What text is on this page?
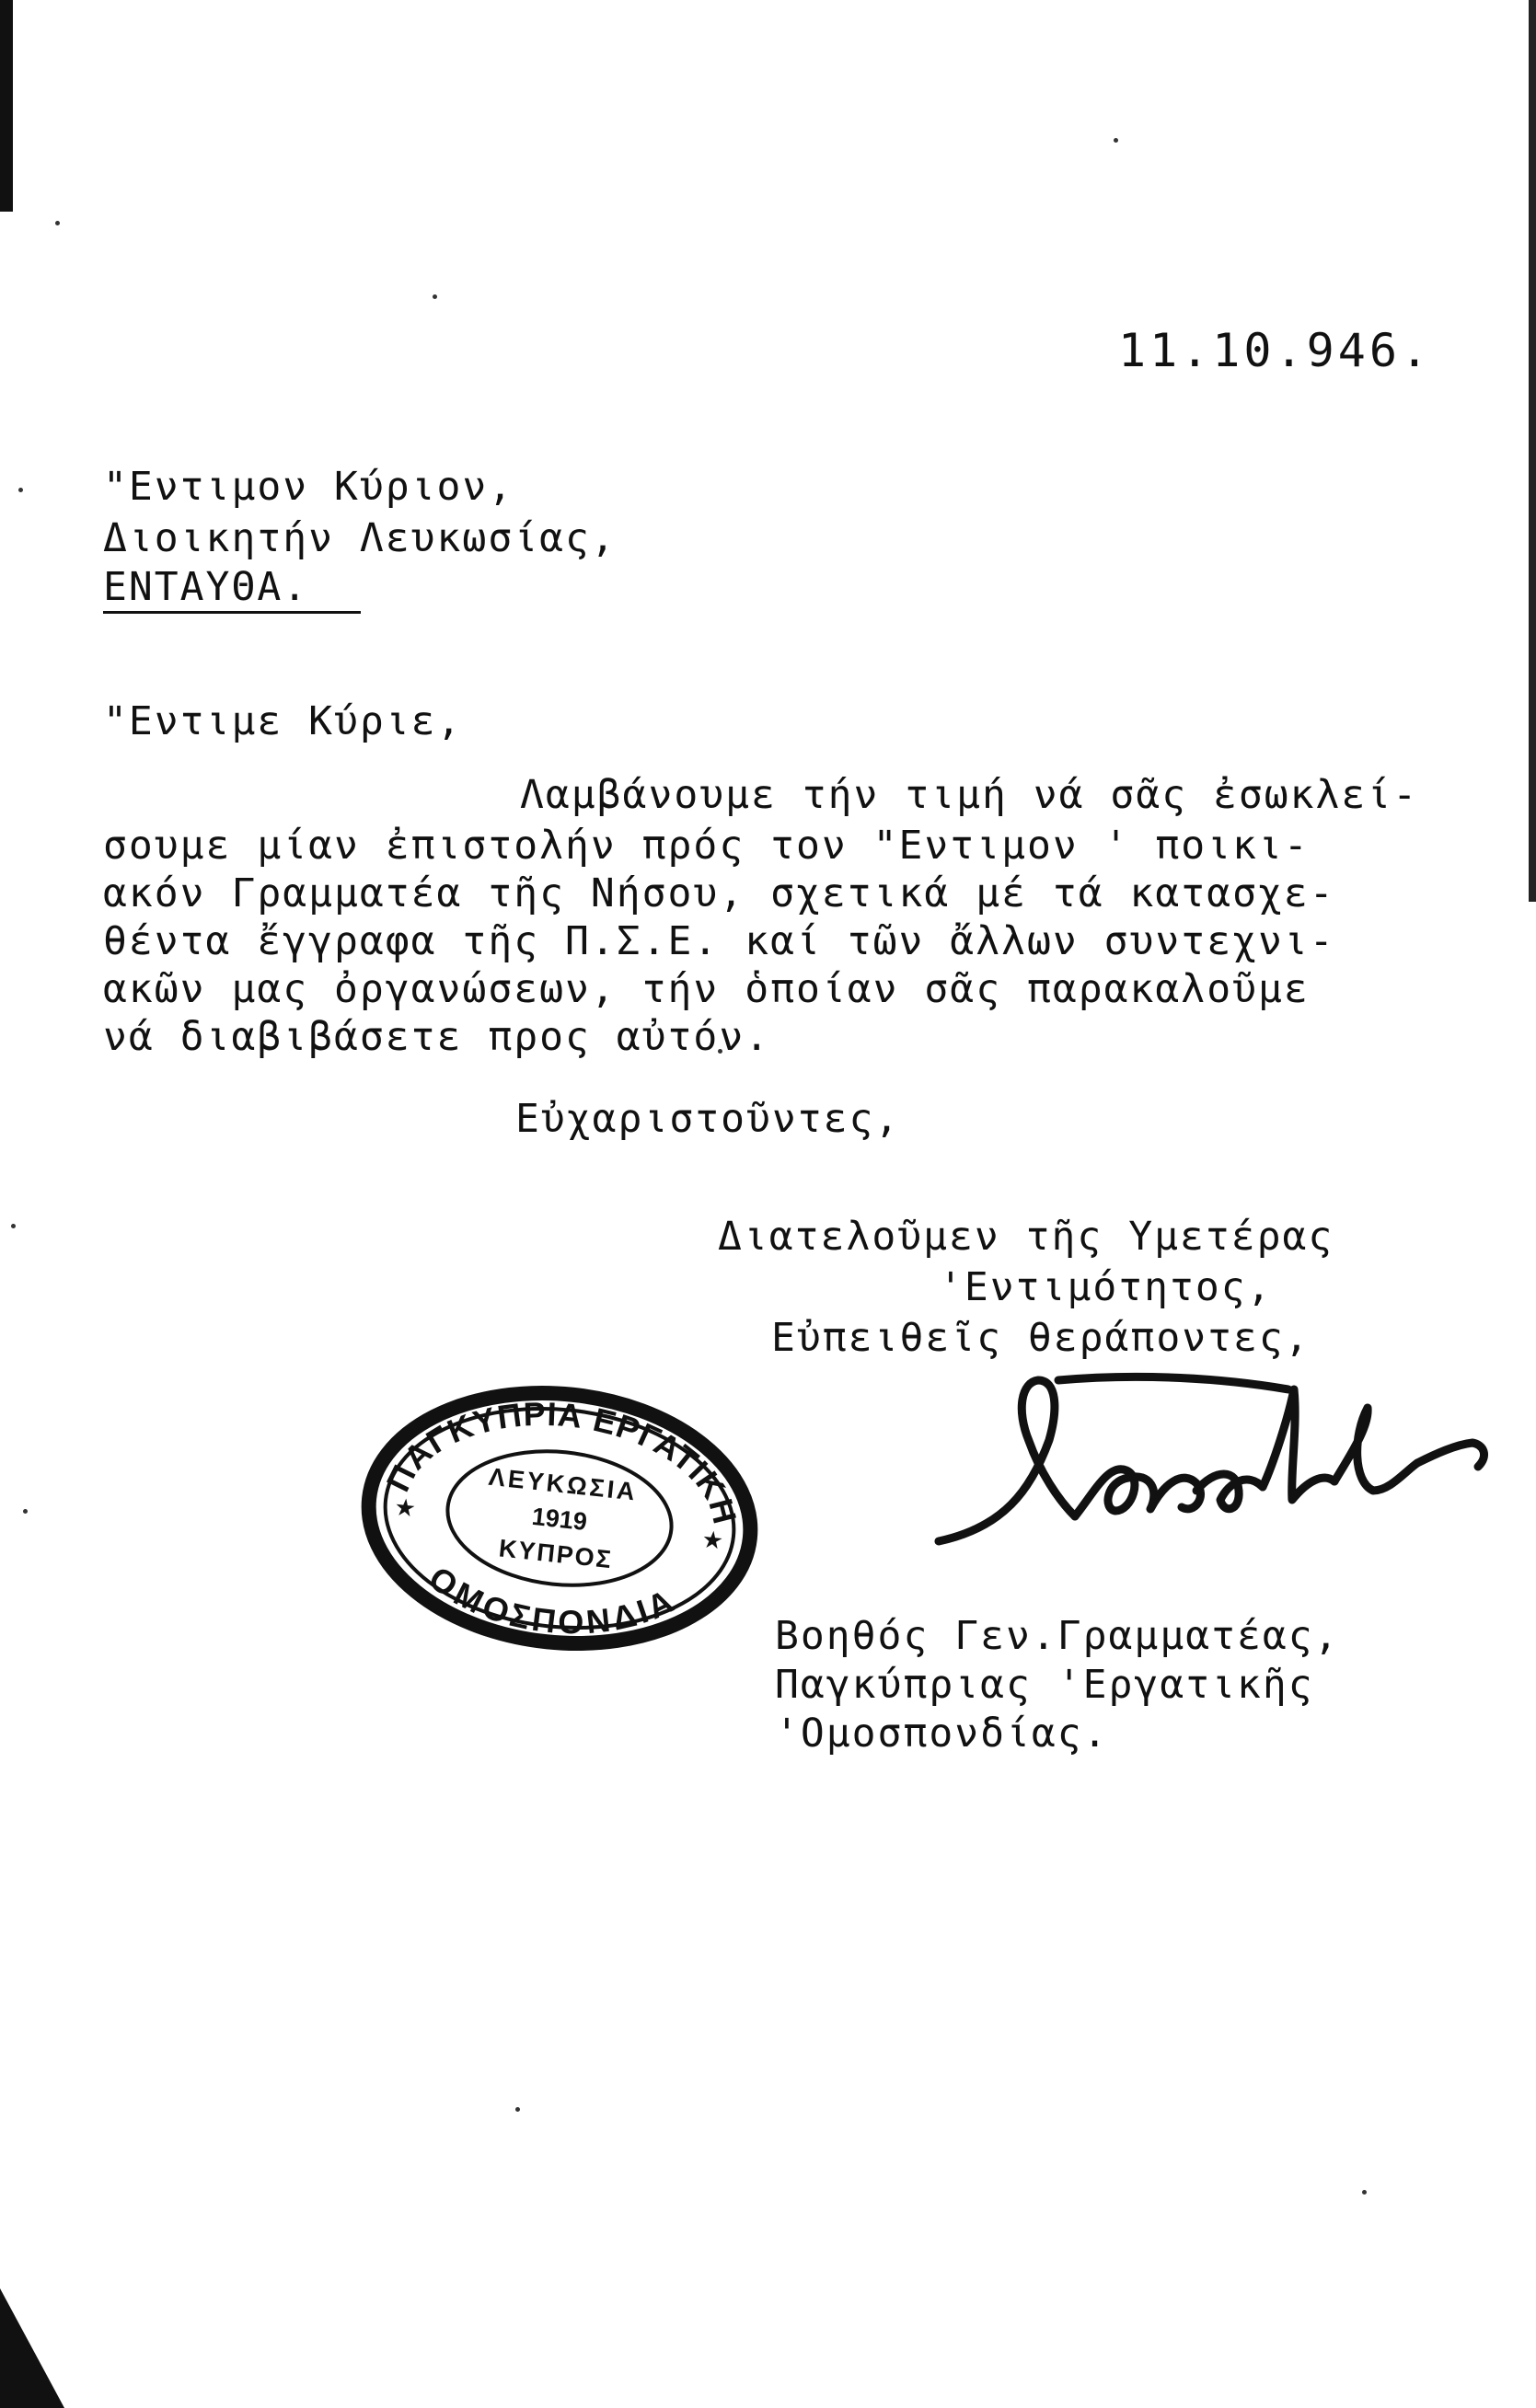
11.10.946.
"Εντιμον Κύριον,
Διοικητήν Λευκωσίας,
ΕΝΤΑΥΘΑ.
"Εντιμε Κύριε,
Λαμβάνουμε τήν τιμή νά σᾶς ἐσωκλεί-
σουμε μίαν ἐπιστολήν πρός τον "Εντιμον ' ποικι-
ακόν Γραμματέα τῆς Νήσου, σχετικά μέ τά κατασχε-
θέντα ἔγγραφα τῆς Π.Σ.Ε. καί τῶν ἄλλων συντεχνι-
ακῶν μας ὀργανώσεων, τήν ὁποίαν σᾶς παρακαλοῦμε
νά διαβιβάσετε προς αὐτόν.
Εὐχαριστοῦντες,
Διατελοῦμεν τῆς Υμετέρας
'Εντιμότητος,
Εὐπειθεῖς θεράποντες,
ΠΑΓΚΥΠΡΙΑ ΕΡΓΑΤΙΚΗ
ΟΜΟΣΠΟΝΔΙΑ
ΛΕΥΚΩΣΙΑ
1919
ΚΥΠΡΟΣ
★
★
Βοηθός Γεν.Γραμματέας,
Παγκύπριας 'Εργατικῆς
'Ομοσπονδίας.
